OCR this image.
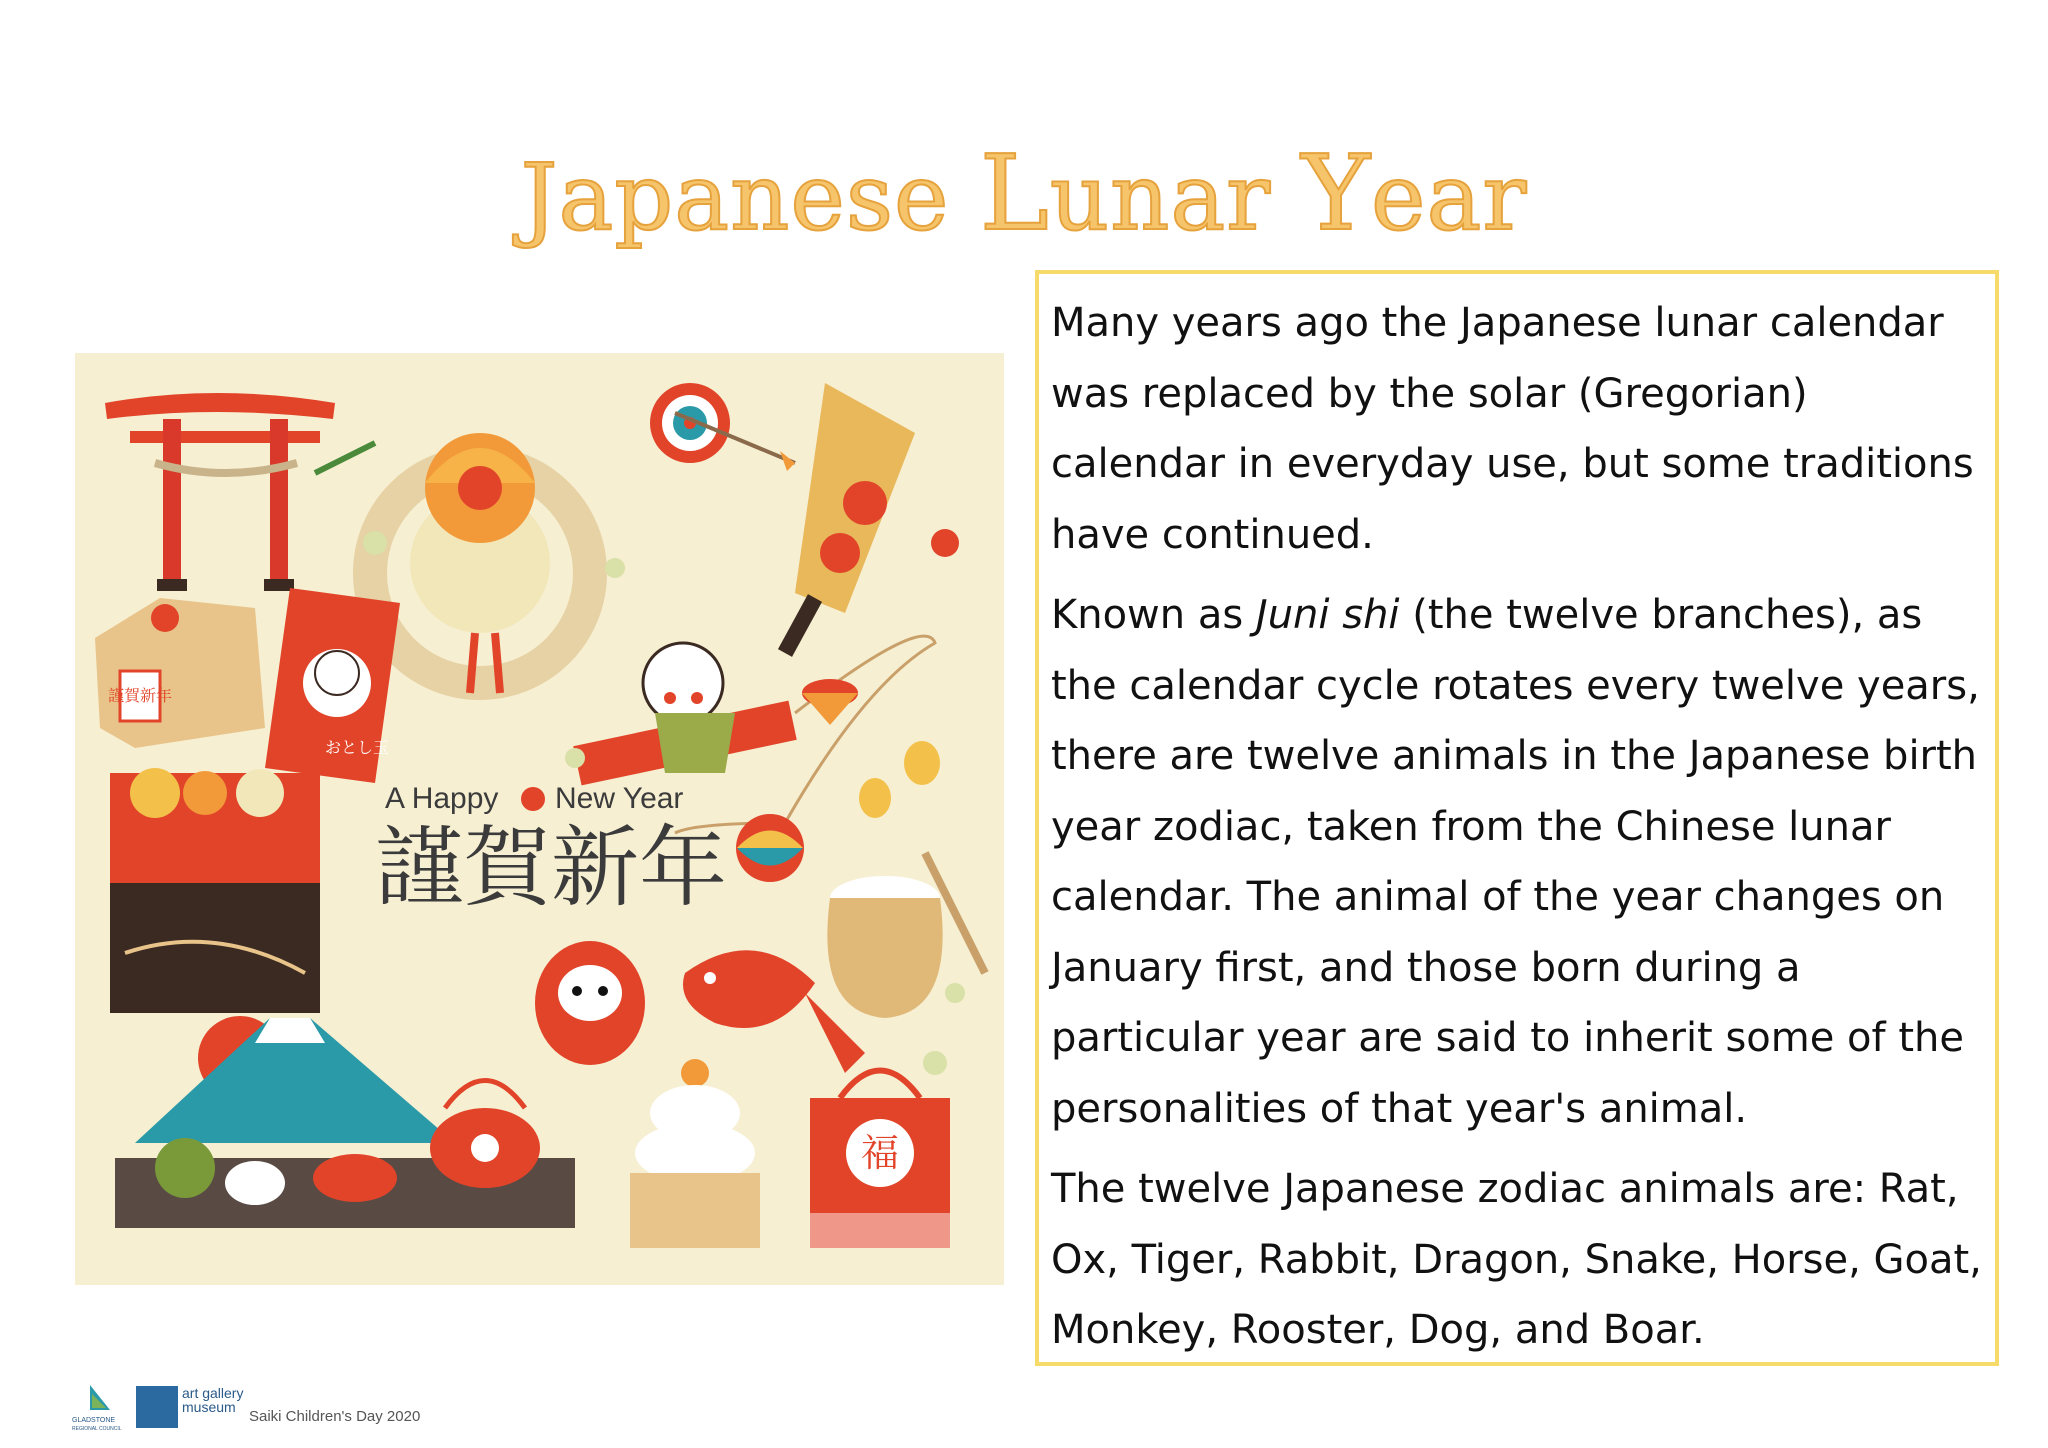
Japanese Lunar Year
謹賀新年
おとし玉
A Happy New Year
謹賀新年
福

Many years ago the Japanese lunar calendar was replaced by the solar (Gregorian) calendar in everyday use, but some traditions have continued.

Known as Juni shi (the twelve branches), as the calendar cycle rotates every twelve years, there are twelve animals in the Japanese birth year zodiac, taken from the Chinese lunar calendar. The animal of the year changes on January first, and those born during a particular year are said to inherit some of the personalities of that year's animal.

The twelve Japanese zodiac animals are: Rat, Ox, Tiger, Rabbit, Dragon, Snake, Horse, Goat, Monkey, Rooster, Dog, and Boar.

GLADSTONE
REGIONAL COUNCIL
art gallery
museum
Saiki Children's Day 2020
